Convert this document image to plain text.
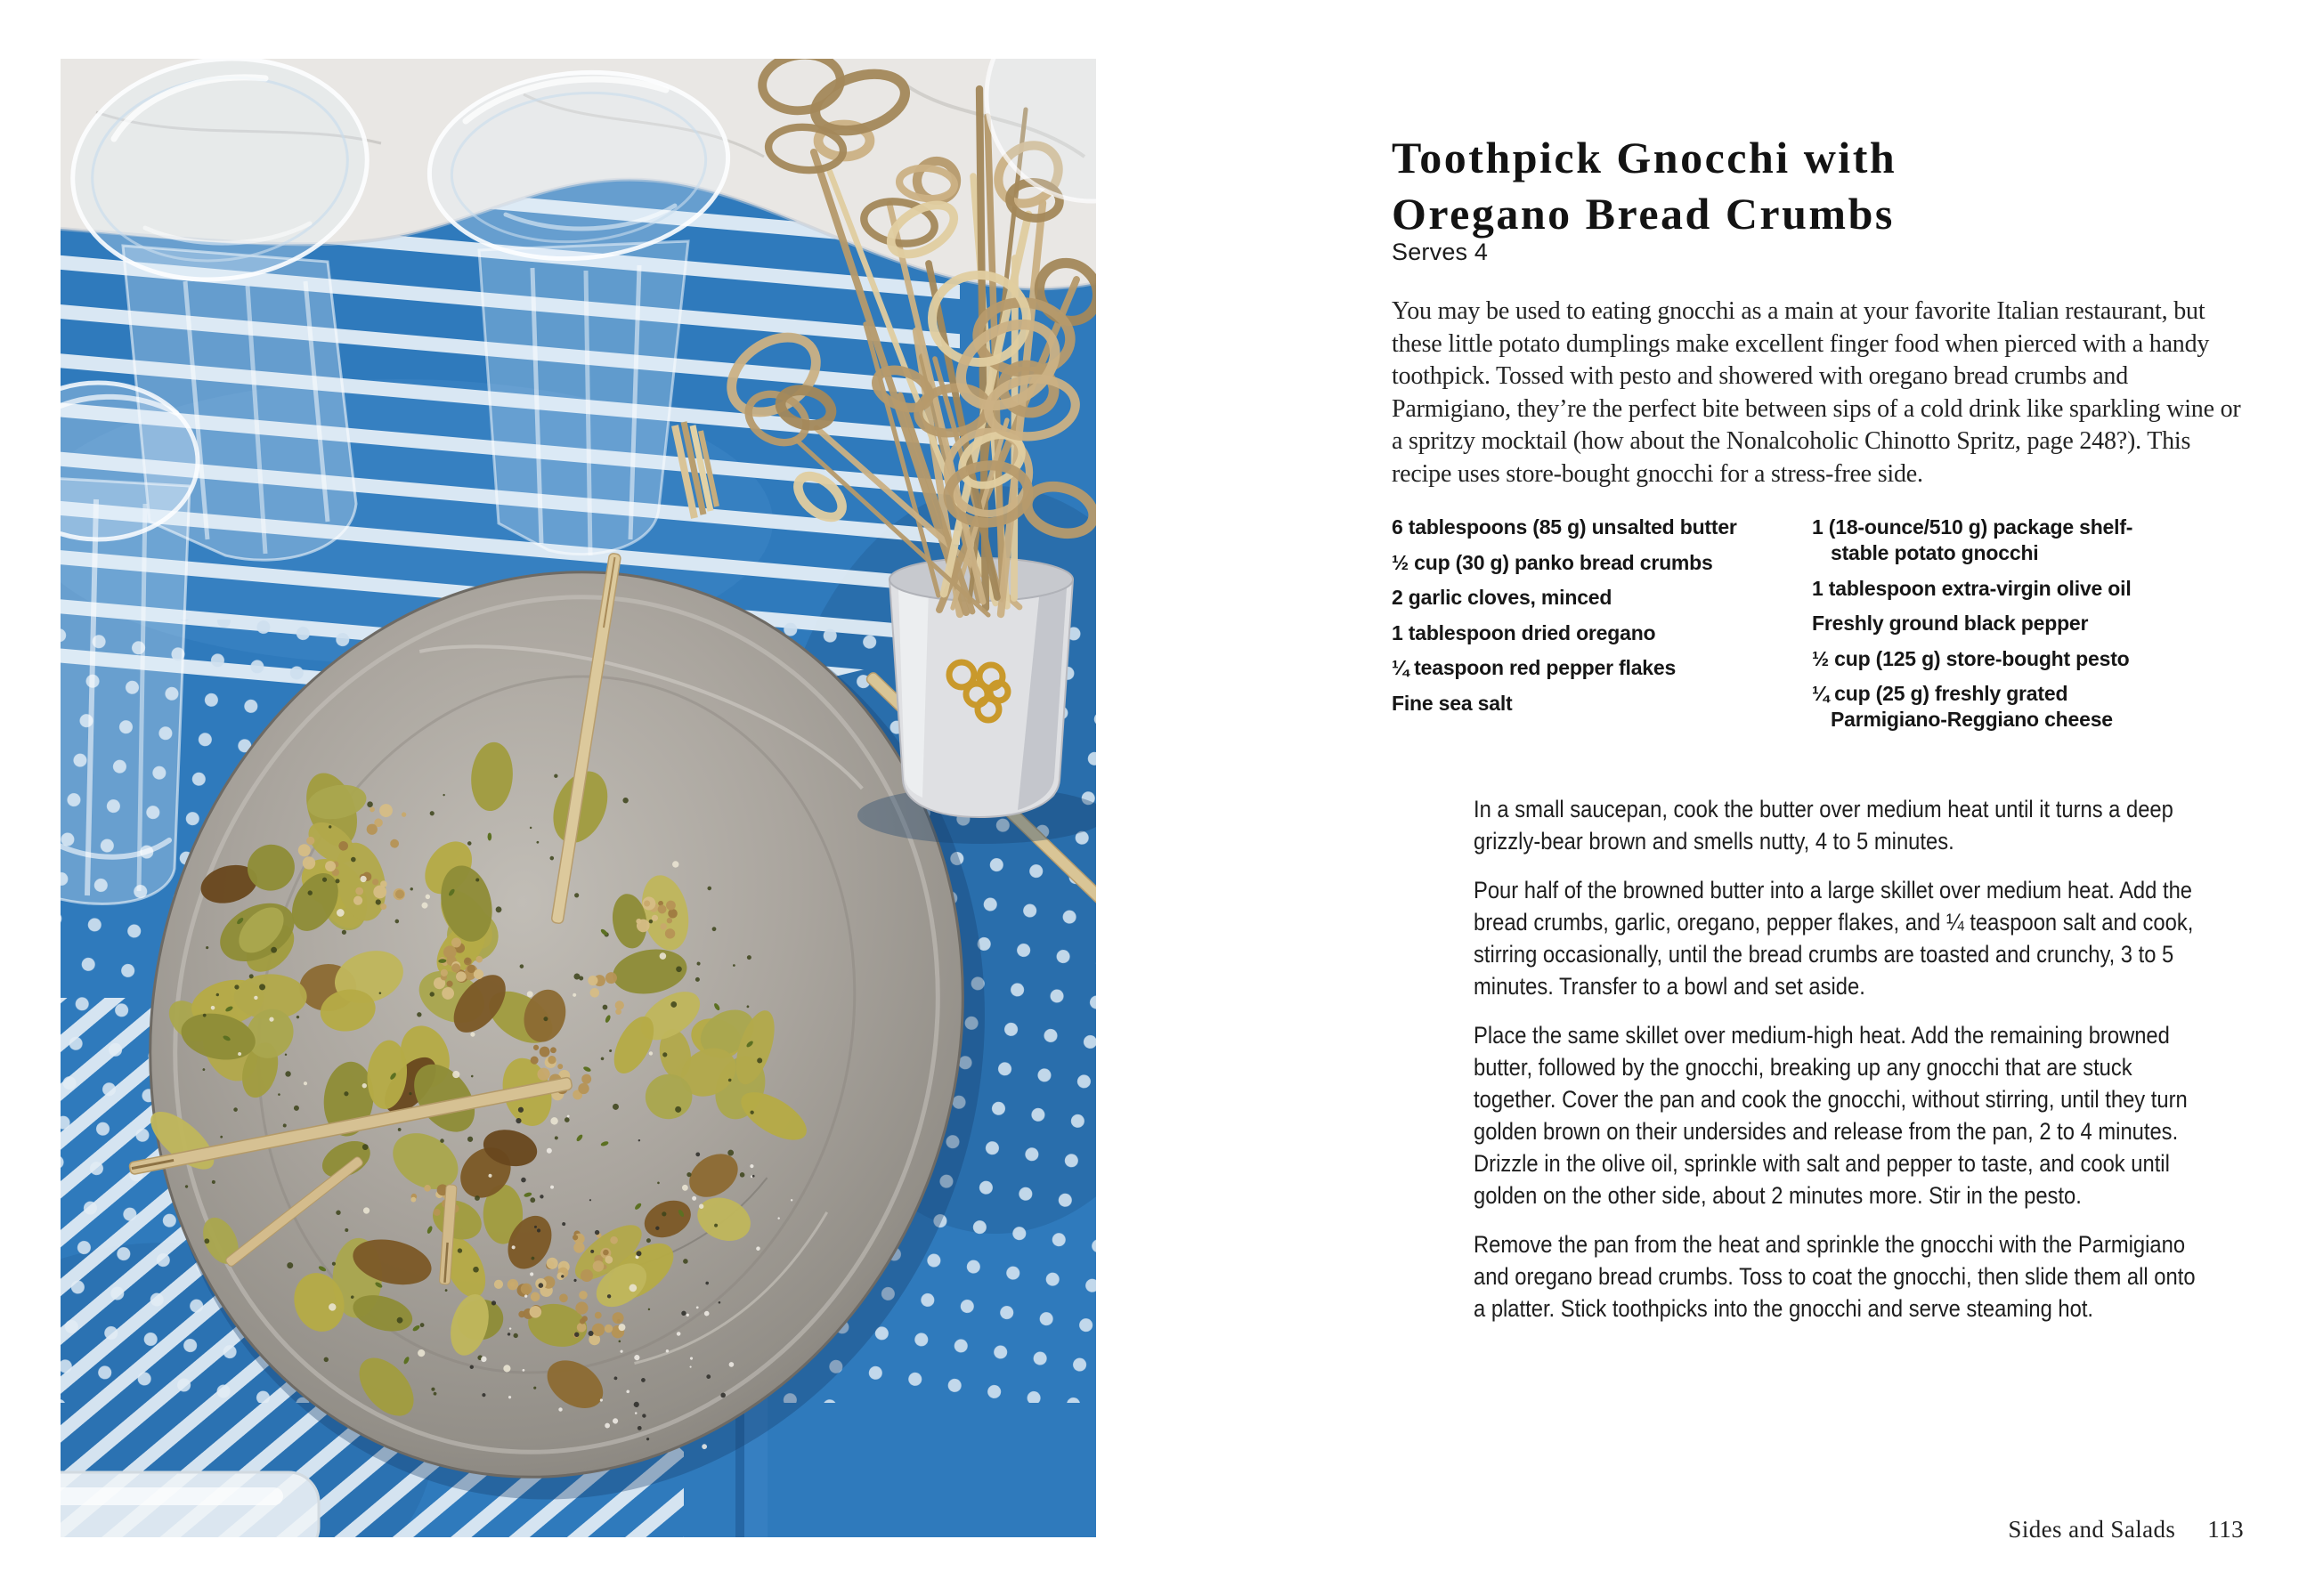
Toothpick Gnocchi with
Oregano Bread Crumbs
Serves 4
You may be used to eating gnocchi as a main at your favorite Italian restaurant, but these little potato dumplings make excellent finger food when pierced with a handy toothpick. Tossed with pesto and showered with oregano bread crumbs and Parmigiano, they’re the perfect bite between sips of a cold drink like sparkling wine or a spritzy mocktail (how about the Nonalcoholic Chinotto Spritz, page 248?). This recipe uses store-bought gnocchi for a stress-free side.
6 tablespoons (85 g) unsalted butter
½ cup (30 g) panko bread crumbs
2 garlic cloves, minced
1 tablespoon dried oregano
¼ teaspoon red pepper flakes
Fine sea salt
1 (18-ounce/510 g) package shelf-
stable potato gnocchi
1 tablespoon extra-virgin olive oil
Freshly ground black pepper
½ cup (125 g) store-bought pesto
¼ cup (25 g) freshly grated
Parmigiano-Reggiano cheese

In a small saucepan, cook the butter over medium heat until it turns a deep grizzly-bear brown and smells nutty, 4 to 5 minutes.

Pour half of the browned butter into a large skillet over medium heat. Add the bread crumbs, garlic, oregano, pepper flakes, and ¼ teaspoon salt and cook, stirring occasionally, until the bread crumbs are toasted and crunchy, 3 to 5 minutes. Transfer to a bowl and set aside.

Place the same skillet over medium-high heat. Add the remaining browned butter, followed by the gnocchi, breaking up any gnocchi that are stuck together. Cover the pan and cook the gnocchi, without stirring, until they turn golden brown on their undersides and release from the pan, 2 to 4 minutes. Drizzle in the olive oil, sprinkle with salt and pepper to taste, and cook until golden on the other side, about 2 minutes more. Stir in the pesto.

Remove the pan from the heat and sprinkle the gnocchi with the Parmigiano and oregano bread crumbs. Toss to coat the gnocchi, then slide them all onto a platter. Stick toothpicks into the gnocchi and serve steaming hot.

Sides and Salads 113
